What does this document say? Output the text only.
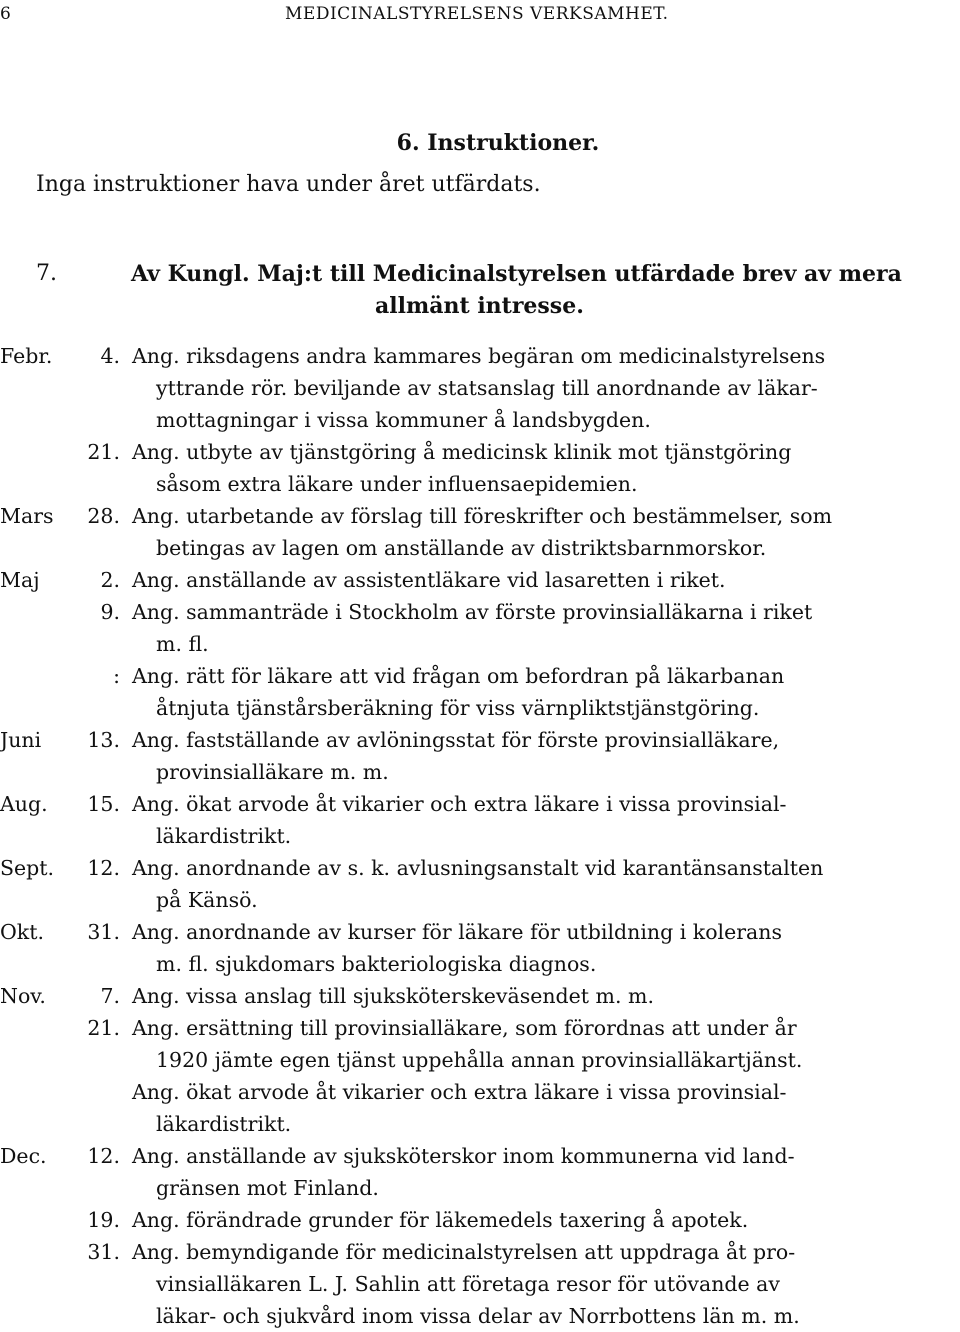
6	MEDICINALSTYRELSENS VERKSAMHET.
6. Instruktioner.
Inga instruktioner hava under året utfärdats.
7.	Av Kungl. Maj:t till Medicinalstyrelsen utfärdade brev av mera
allmänt intresse.
Febr. 4. Ang. riksdagens andra kammares begäran om medicinalstyrelsens
yttrande rör. beviljande av statsanslag till anordnande av läkar-
mottagningar i vissa kommuner å landsbygden.
21. Ang. utbyte av tjänstgöring å medicinsk klinik mot tjänstgöring
såsom extra läkare under influensaepidemien.
Mars 28. Ang. utarbetande av förslag till föreskrifter och bestämmelser, som
betingas av lagen om anställande av distriktsbarnmorskor.
Maj	2. Ang. anställande av assistentläkare vid lasaretten i riket.
9. Ang. sammanträde i Stockholm av förste provinsialläkarna i riket
m. fl.
: Ang. rätt för läkare att vid frågan om befordran på läkarbanan
åtnjuta tjänstårsberäkning för viss värnpliktstjänstgöring.
Juni 13. Ang. fastställande av avlöningsstat för förste provinsialläkare,
provinsialläkare m. m.
Aug. 15. Ang. ökat arvode åt vikarier och extra läkare i vissa provinsial-
läkardistrikt.
Sept. 12. Ang. anordnande av s. k. avlusningsanstalt vid karantänsanstalten
på Känsö.
Okt. 31. Ang. anordnande av kurser för läkare för utbildning i kolerans
m. fl. sjukdomars bakteriologiska diagnos.
Nov.	7. Ang. vissa anslag till sjuksköterskeväsendet m. m.
21. Ang. ersättning till provinsialläkare, som förordnas att under år
1920 jämte egen tjänst uppehålla annan provinsialläkartjänst.
Ang. ökat arvode åt vikarier och extra läkare i vissa provinsial-
läkardistrikt.
Dec. 12. Ang. anställande av sjuksköterskor inom kommunerna vid land-
gränsen mot Finland.
19. Ang. förändrade grunder för läkemedels taxering å apotek.
31. Ang. bemyndigande för medicinalstyrelsen att uppdraga åt pro-
vinsialläkaren L. J. Sahlin att företaga resor för utövande av
läkar- och sjukvård inom vissa delar av Norrbottens län m. m.
